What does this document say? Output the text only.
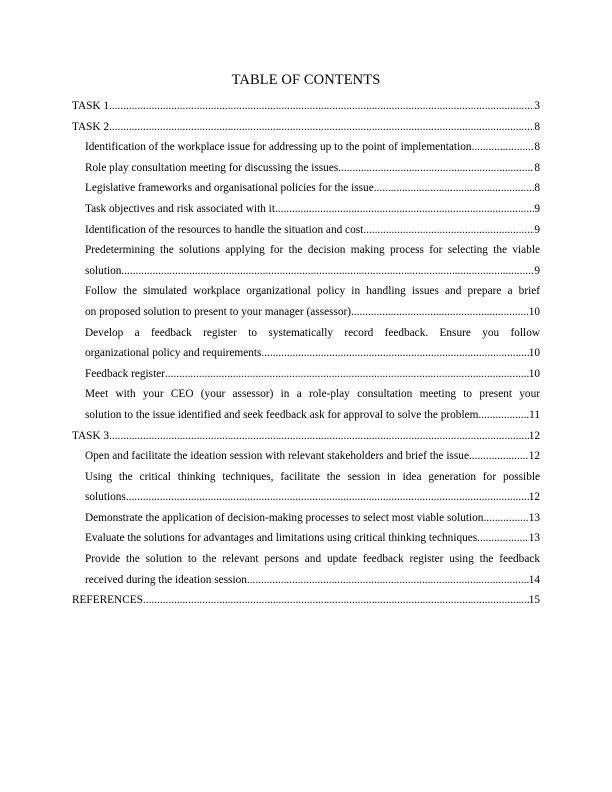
TABLE OF CONTENTS
TASK 1 .....	3
TASK 2 .....	8
Identification of the workplace issue for addressing up to the point of implementation .....	8
Role play consultation meeting for discussing the issues .....	8
Legislative frameworks and organisational policies for the issue .....	8
Task objectives and risk associated with it .....	9
Identification of the resources to handle the situation and cost .....	9
Predetermining the solutions applying for the decision making process for selecting the viable
solution .....	9
Follow the simulated workplace organizational policy in handling issues and prepare a brief
on proposed solution to present to your manager (assessor) .....	10
Develop a feedback register to systematically record feedback. Ensure you follow
organizational policy and requirements .....	10
Feedback register .....	10
Meet with your CEO (your assessor) in a role-play consultation meeting to present your
solution to the issue identified and seek feedback ask for approval to solve the problem .....	11
TASK 3 .....	12
Open and facilitate the ideation session with relevant stakeholders and brief the issue .....	12
Using the critical thinking techniques, facilitate the session in idea generation for possible
solutions .....	12
Demonstrate the application of decision-making processes to select most viable solution .....	13
Evaluate the solutions for advantages and limitations using critical thinking techniques .....	13
Provide the solution to the relevant persons and update feedback register using the feedback
received during the ideation session .....	14
REFERENCES .....	15
